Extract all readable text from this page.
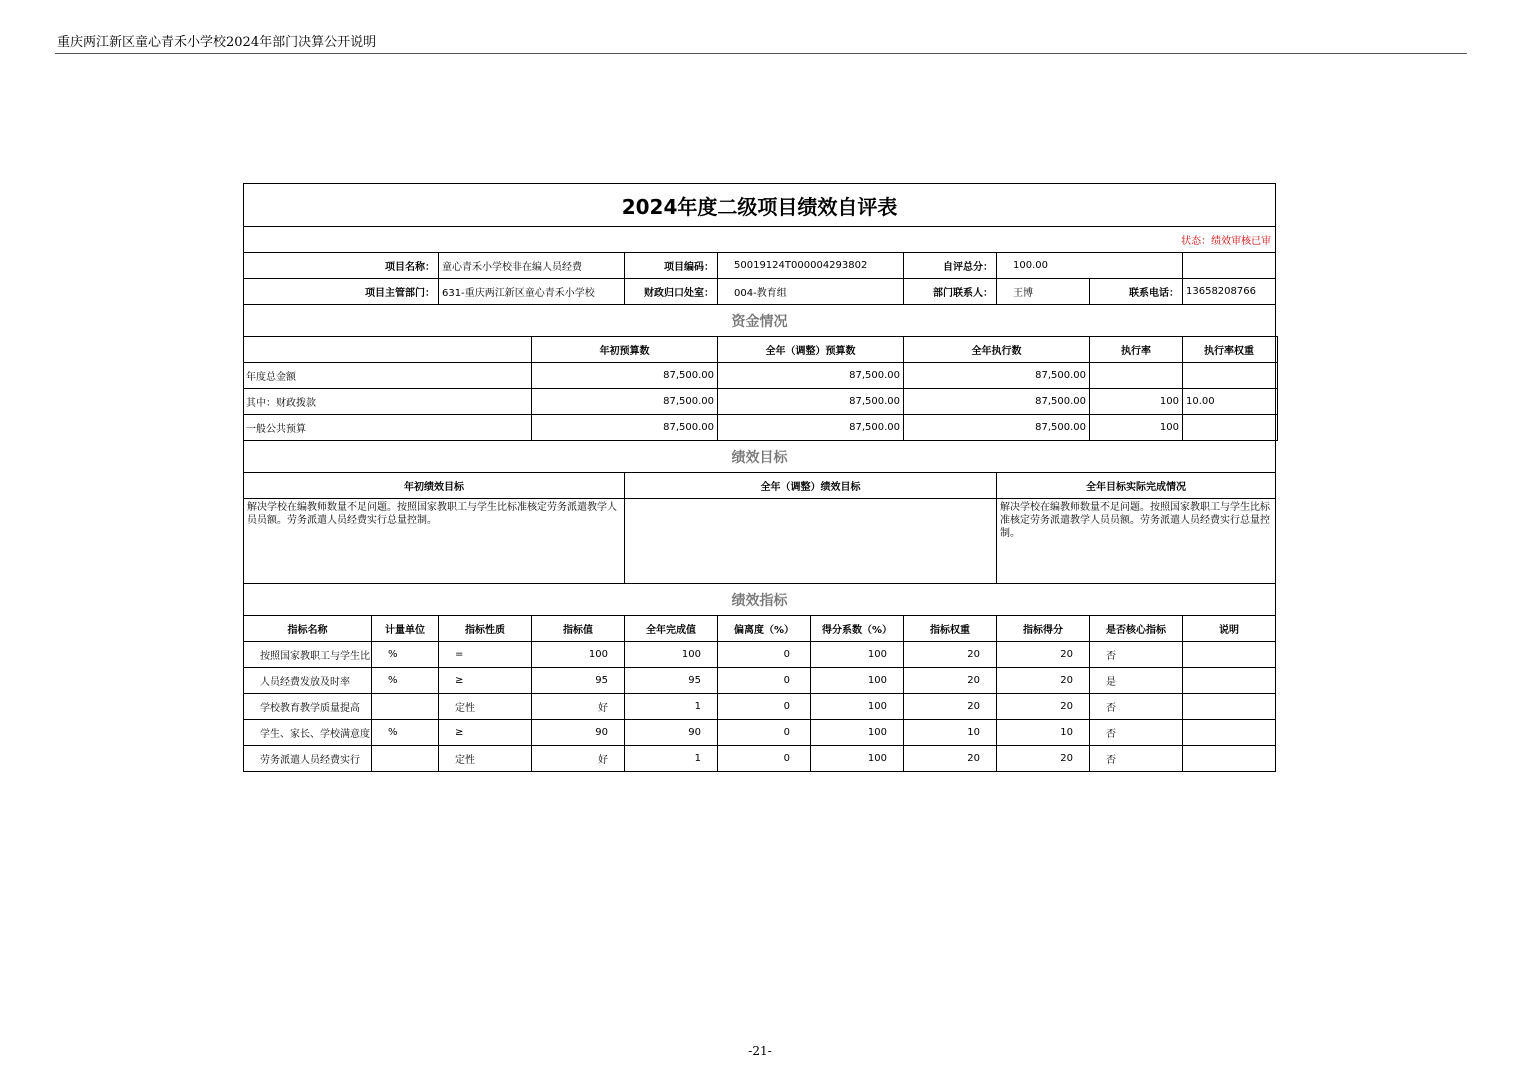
重庆两江新区童心青禾小学校2024年部门决算公开说明
2024年度二级项目绩效自评表											
状态：绩效审核已审											
项目名称：		童心青禾小学校非在编人员经费		项目编码：	50019124T000004293802		自评总分：	100.00			
项目主管部门：		631-重庆两江新区童心青禾小学校		财政归口处室：	004-教育组		部门联系人：	王博	联系电话：	13658208766	
资金情况											
			年初预算数		全年（调整）预算数		全年执行数		执行率	执行率权重	
年度总金额			87,500.00		87,500.00		87,500.00				
其中：财政拨款			87,500.00		87,500.00		87,500.00		100	10.00	
一般公共预算			87,500.00		87,500.00		87,500.00		100		
绩效目标											
年初绩效目标				全年（调整）绩效目标				全年目标实际完成情况			
解决学校在编教师数量不足问题。按照国家教职工与学生比标准核定劳务派遣教学人员员额。劳务派遣人员经费实行总量控制。								解决学校在编教师数量不足问题。按照国家教职工与学生比标准核定劳务派遣教学人员员额。劳务派遣人员经费实行总量控制。			
绩效指标											
指标名称	计量单位	指标性质	指标值	全年完成值	偏离度（%）	得分系数（%）	指标权重	指标得分	是否核心指标	说明	
按照国家教职工与学生比	%	=	100	100	0	100	20	20	否		
人员经费发放及时率	%	≥	95	95	0	100	20	20	是		
学校教育教学质量提高		定性	好	1	0	100	20	20	否		
学生、家长、学校满意度	%	≥	90	90	0	100	10	10	否		
劳务派遣人员经费实行		定性	好	1	0	100	20	20	否		
-21-
